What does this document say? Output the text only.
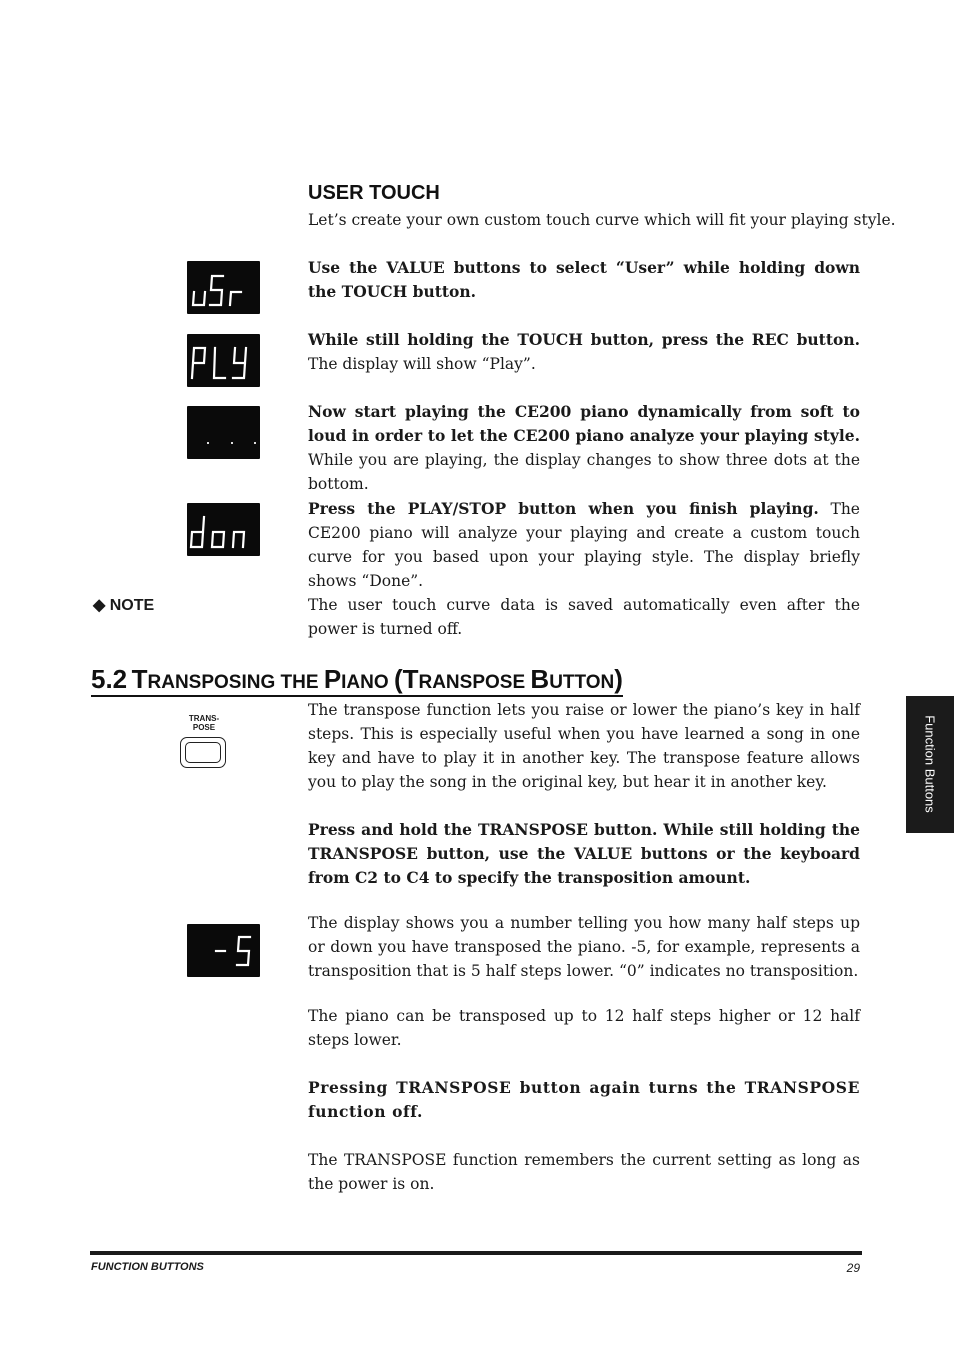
USER TOUCH
Let’s create your own custom touch curve which will fit your playing style.
Use the VALUE buttons to select “User” while holding down the TOUCH button.
While still holding the TOUCH button, press the REC button. The display will show “Play”.
Now start playing the CE200 piano dynamically from soft to loud in order to let the CE200 piano analyze your playing style. While you are playing, the display changes to show three dots at the bottom.
Press the PLAY/STOP button when you finish playing. The CE200 piano will analyze your playing and create a custom touch curve for you based upon your playing style. The display briefly shows “Done”.
◆ NOTE	The user touch curve data is saved automatically even after the power is turned off.
5.2 TRANSPOSING THE PIANO (TRANSPOSE BUTTON)
TRANS-
POSE
The transpose function lets you raise or lower the piano’s key in half steps. This is especially useful when you have learned a song in one key and have to play it in another key. The transpose feature allows you to play the song in the original key, but hear it in another key.
Press and hold the TRANSPOSE button. While still holding the TRANSPOSE button, use the VALUE buttons or the keyboard from C2 to C4 to specify the transposition amount.
The display shows you a number telling you how many half steps up or down you have transposed the piano. -5, for example, represents a transposition that is 5 half steps lower. “0” indicates no transposition.
The piano can be transposed up to 12 half steps higher or 12 half steps lower.
Pressing TRANSPOSE button again turns the TRANSPOSE function off.
The TRANSPOSE function remembers the current setting as long as the power is on.
Function Buttons
FUNCTION BUTTONS	29
